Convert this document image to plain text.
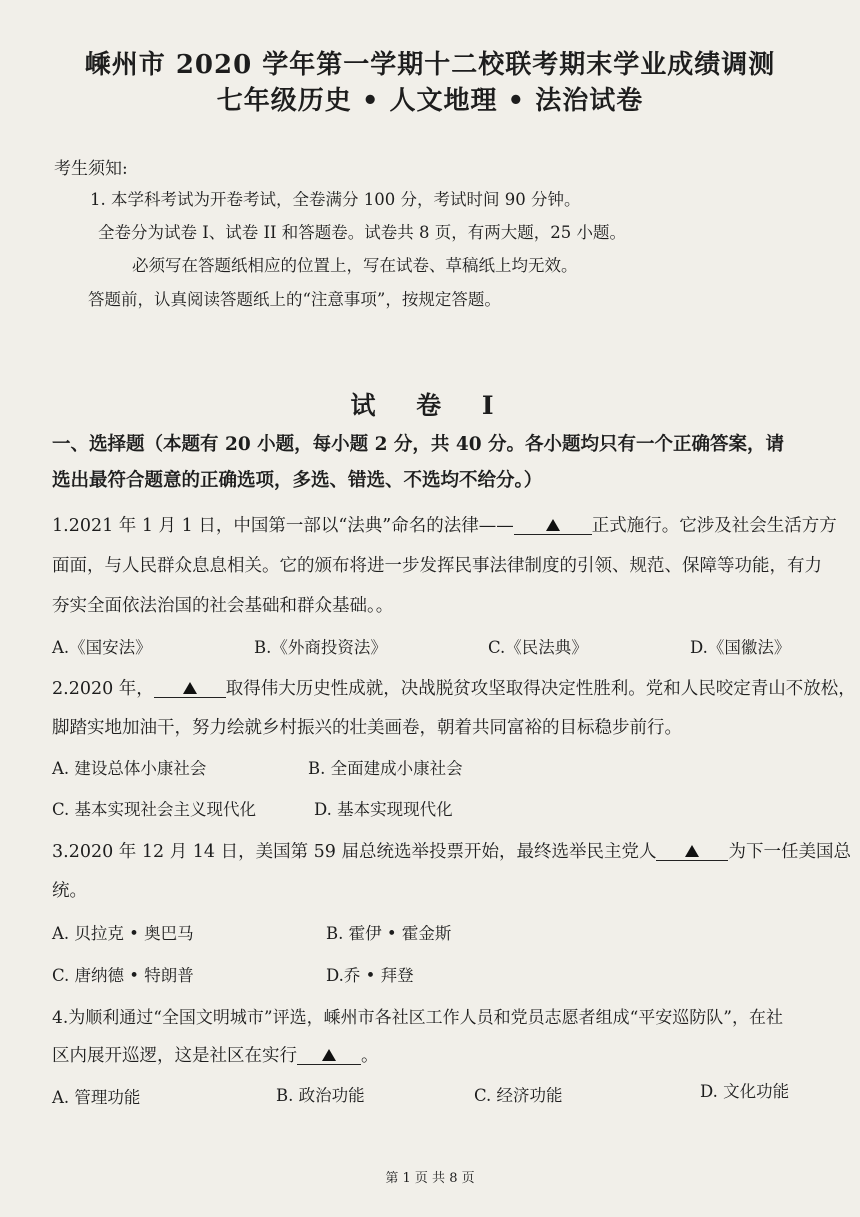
嵊州市 2020 学年第一学期十二校联考期末学业成绩调测
七年级历史 • 人文地理 • 法治试卷
考生须知:
1. 本学科考试为开卷考试，全卷满分 100 分，考试时间 90 分钟。
全卷分为试卷 I、试卷 II 和答题卷。试卷共 8 页，有两大题，25 小题。
必须写在答题纸相应的位置上，写在试卷、草稿纸上均无效。
答题前，认真阅读答题纸上的“注意事项”，按规定答题。
试 卷 I
一、选择题（本题有 20 小题，每小题 2 分，共 40 分。各小题均只有一个正确答案，请
选出最符合题意的正确选项，多选、错选、不选均不给分。）
1.2021 年 1 月 1 日，中国第一部以“法典”命名的法律——	正式施行。它涉及社会生活方方
面面，与人民群众息息相关。它的颁布将进一步发挥民事法律制度的引领、规范、保障等功能，有力
夯实全面依法治国的社会基础和群众基础。。
A.《国安法》	B.《外商投资法》	C.《民法典》	D.《国徽法》
2.2020 年，	取得伟大历史性成就，决战脱贫攻坚取得决定性胜利。党和人民咬定青山不放松，
脚踏实地加油干，努力绘就乡村振兴的壮美画卷，朝着共同富裕的目标稳步前行。
A. 建设总体小康社会	B. 全面建成小康社会
C. 基本实现社会主义现代化	D. 基本实现现代化
3.2020 年 12 月 14 日，美国第 59 届总统选举投票开始，最终选举民主党人	为下一任美国总
统。
A. 贝拉克 • 奥巴马	B. 霍伊 • 霍金斯
C. 唐纳德 • 特朗普	D.乔 • 拜登
4.为顺利通过“全国文明城市”评选，嵊州市各社区工作人员和党员志愿者组成“平安巡防队”，在社
区内展开巡逻，这是社区在实行	。
A. 管理功能	B. 政治功能	C. 经济功能	D. 文化功能
第 1 页 共 8 页
